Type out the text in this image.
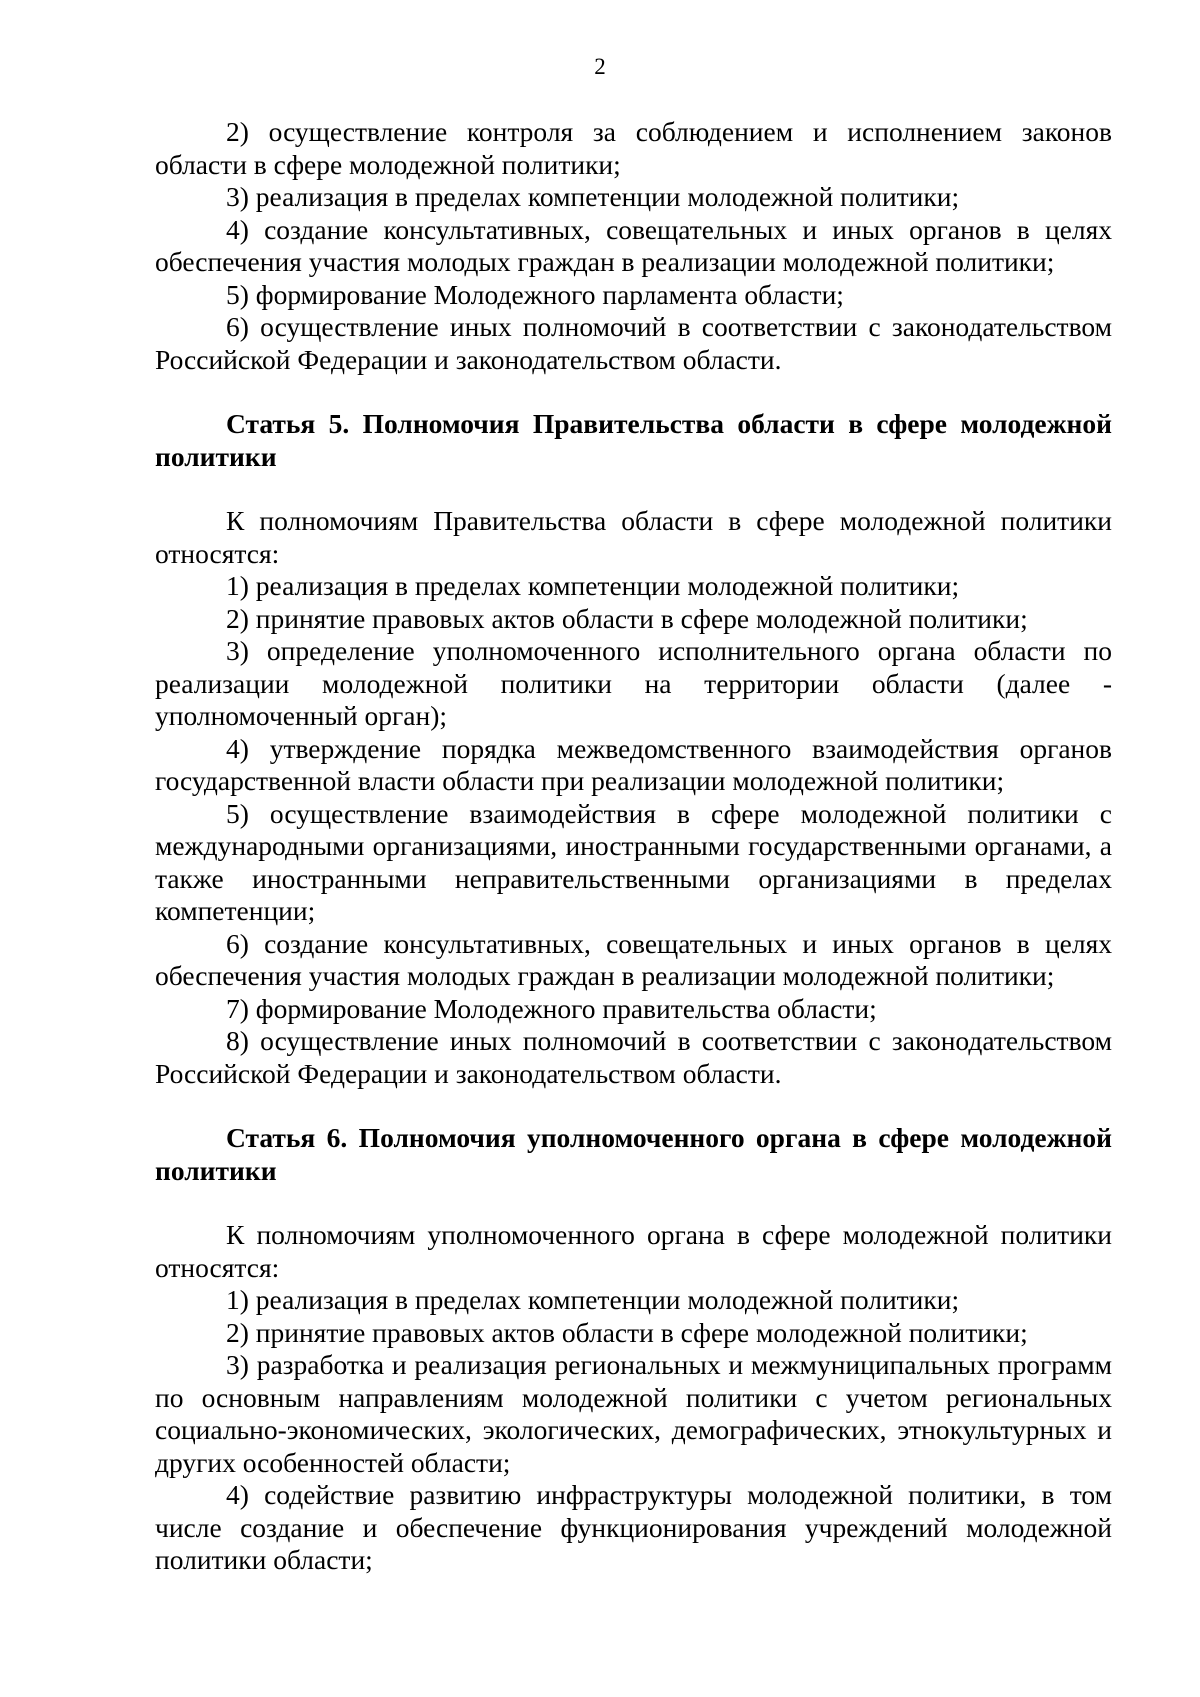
2

2) осуществление контроля за соблюдением и исполнением законов области в сфере молодежной политики;

3) реализация в пределах компетенции молодежной политики;

4) создание консультативных, совещательных и иных органов в целях обеспечения участия молодых граждан в реализации молодежной политики;

5) формирование Молодежного парламента области;

6) осуществление иных полномочий в соответствии с законодательством Российской Федерации и законодательством области.

Статья 5. Полномочия Правительства области в сфере молодежной политики

К полномочиям Правительства области в сфере молодежной политики относятся:

1) реализация в пределах компетенции молодежной политики;

2) принятие правовых актов области в сфере молодежной политики;

3) определение уполномоченного исполнительного органа области по реализации молодежной политики на территории области (далее - уполномоченный орган);

4) утверждение порядка межведомственного взаимодействия органов государственной власти области при реализации молодежной политики;

5) осуществление взаимодействия в сфере молодежной политики с международными организациями, иностранными государственными органами, а также иностранными неправительственными организациями в пределах компетенции;

6) создание консультативных, совещательных и иных органов в целях обеспечения участия молодых граждан в реализации молодежной политики;

7) формирование Молодежного правительства области;

8) осуществление иных полномочий в соответствии с законодательством Российской Федерации и законодательством области.

Статья 6. Полномочия уполномоченного органа в сфере молодежной политики

К полномочиям уполномоченного органа в сфере молодежной политики относятся:

1) реализация в пределах компетенции молодежной политики;

2) принятие правовых актов области в сфере молодежной политики;

3) разработка и реализация региональных и межмуниципальных программ по основным направлениям молодежной политики с учетом региональных социально-экономических, экологических, демографических, этнокультурных и других особенностей области;

4) содействие развитию инфраструктуры молодежной политики, в том числе создание и обеспечение функционирования учреждений молодежной политики области;
